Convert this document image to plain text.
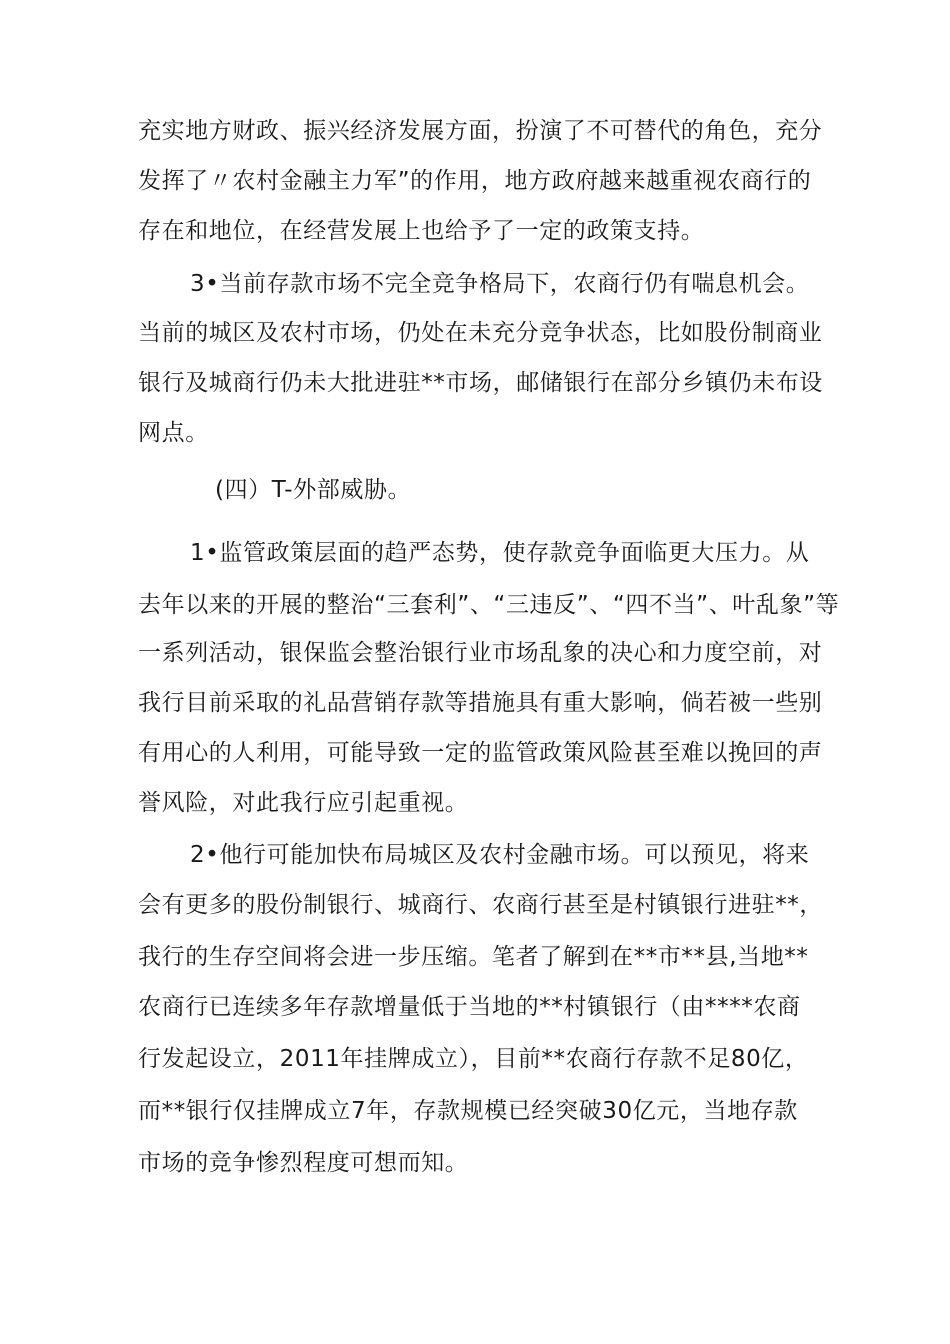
充实地方财政、振兴经济发展方面，扮演了不可替代的角色，充分
发挥了〃农村金融主力军”的作用，地方政府越来越重视农商行的
存在和地位，在经营发展上也给予了一定的政策支持。
3•当前存款市场不完全竞争格局下，农商行仍有喘息机会。
当前的城区及农村市场，仍处在未充分竞争状态，比如股份制商业
银行及城商行仍未大批进驻**市场，邮储银行在部分乡镇仍未布设
网点。
(四）T-外部威胁。
1•监管政策层面的趋严态势，使存款竞争面临更大压力。从
去年以来的开展的整治“三套利”、“三违反”、“四不当”、叶乱象”等
一系列活动，银保监会整治银行业市场乱象的决心和力度空前，对
我行目前采取的礼品营销存款等措施具有重大影响，倘若被一些别
有用心的人利用，可能导致一定的监管政策风险甚至难以挽回的声
誉风险，对此我行应引起重视。
2•他行可能加快布局城区及农村金融市场。可以预见，将来
会有更多的股份制银行、城商行、农商行甚至是村镇银行进驻**，
我行的生存空间将会进一步压缩。笔者了解到在**市**县,当地**
农商行已连续多年存款增量低于当地的**村镇银行（由****农商
行发起设立，2011年挂牌成立），目前**农商行存款不足80亿，
而**银行仅挂牌成立7年，存款规模已经突破30亿元，当地存款
市场的竞争惨烈程度可想而知。
